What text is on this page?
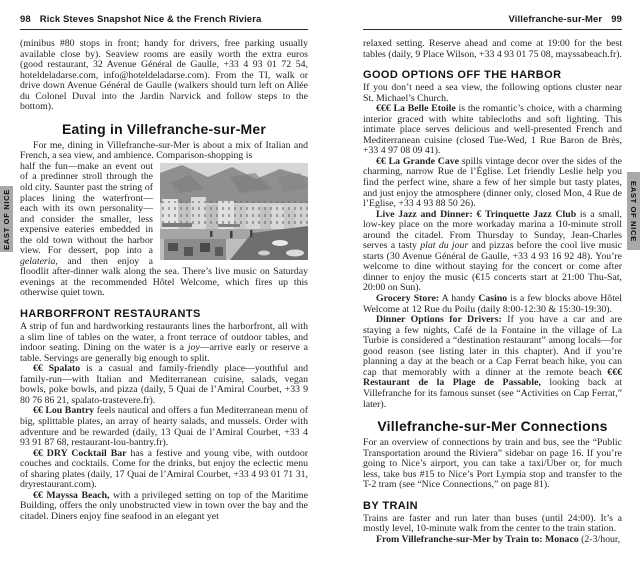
98 Rick Steves Snapshot Nice & the French Riviera

(minibus #80 stops in front; handy for drivers, free parking usually available close by). Seaview rooms are easily worth the extra euros (good restaurant, 32 Avenue Général de Gaulle, +33 4 93 01 72 54, hoteldeladarse.com, info@hoteldeladarse.com). From the TI, walk or drive down Avenue Général de Gaulle (walkers should turn left on Allée du Colonel Duval into the Jardin Narvick and follow steps to the bottom).

Eating in Villefranche-sur-Mer

For me, dining in Villefranche-sur-Mer is about a mix of Italian and French, a sea view, and ambience. Comparison-shopping is

half the fun—make an event out of a predinner stroll through the old city. Saunter past the string of places lining the waterfront—each with its own personality—and consider the smaller, less expensive eateries embedded in the old town without the harbor view. For dessert, pop into a gelateria, and then enjoy a floodlit after-dinner walk along the sea. There’s live music on Saturday evenings at the recommended Hôtel Welcome, which fires up this otherwise quiet town.

HARBORFRONT RESTAURANTS

A strip of fun and hardworking restaurants lines the harborfront, all with a slim line of tables on the water, a front terrace of outdoor tables, and indoor seating. Dining on the water is a joy—arrive early or reserve a table. Servings are generally big enough to split.

€€ Spalato is a casual and family-friendly place—youthful and family-run—with Italian and Mediterranean cuisine, salads, vegan bowls, poke bowls, and pizza (daily, 5 Quai de l’Amiral Courbet, +33 9 80 76 86 21, spalato-trastevere.fr).

€€ Lou Bantry feels nautical and offers a fun Mediterranean menu of big, splittable plates, an array of hearty salads, and mussels. Order with adventure and be rewarded (daily, 13 Quai de l’Amiral Courbet, +33 4 93 91 87 68, restaurant-lou-bantry.fr).

€€ DRY Cocktail Bar has a festive and young vibe, with outdoor couches and cocktails. Come for the drinks, but enjoy the eclectic menu of sharing plates (daily, 17 Quai de l’Amiral Courbet, +33 4 93 01 71 31, dryrestaurant.com).

€€ Mayssa Beach, with a privileged setting on top of the Maritime Building, offers the only unobstructed view in town over the bay and the citadel. Diners enjoy fine seafood in an elegant yet

Villefranche-sur-Mer 99

relaxed setting. Reserve ahead and come at 19:00 for the best tables (daily, 9 Place Wilson, +33 4 93 01 75 08, mayssabeach.fr).

GOOD OPTIONS OFF THE HARBOR

If you don’t need a sea view, the following options cluster near St. Michael’s Church.

€€€ La Belle Etoile is the romantic’s choice, with a charming interior graced with white tablecloths and soft lighting. This intimate place serves delicious and well-presented French and Mediterranean cuisine (closed Tue-Wed, 1 Rue Baron de Brès, +33 4 97 08 09 41).

€€ La Grande Cave spills vintage decor over the sides of the charming, narrow Rue de l’Église. Let friendly Leslie help you find the perfect wine, share a few of her simple but tasty plates, and just enjoy the atmosphere (dinner only, closed Mon, 4 Rue de l’Eglise, +33 4 93 88 50 26).

Live Jazz and Dinner: € Trinquette Jazz Club is a small, low-key place on the more workaday marina a 10-minute stroll around the citadel. From Thursday to Sunday, Jean-Charles serves a tasty plat du jour and pizzas before the cool live music starts (30 Avenue Général de Gaulle, +33 4 93 16 92 48). You’re welcome to dine without staying for the concert or come after dinner to enjoy the music (€15 concerts start at 21:00 Thu-Sat, 20:00 on Sun).

Grocery Store: A handy Casino is a few blocks above Hôtel Welcome at 12 Rue du Poilu (daily 8:00-12:30 & 15:30-19:30).

Dinner Options for Drivers: If you have a car and are staying a few nights, Café de la Fontaine in the village of La Turbie is considered a “destination restaurant” among locals—for good reason (see listing later in this chapter). And if you’re planning a day at the beach or a Cap Ferrat beach hike, you can cap that memorably with a dinner at the remote beach €€€ Restaurant de la Plage de Passable, looking back at Villefranche for its famous sunset (see “Activities on Cap Ferrat,” later).

Villefranche-sur-Mer Connections

For an overview of connections by train and bus, see the “Public Transportation around the Riviera” sidebar on page 16. If you’re going to Nice’s airport, you can take a taxi/Uber or, for much less, take bus #15 to Nice’s Port Lympia stop and transfer to the T-2 tram (see “Nice Connections,” on page 81).

BY TRAIN

Trains are faster and run later than buses (until 24:00). It’s a mostly level, 10-minute walk from the center to the train station.

From Villefranche-sur-Mer by Train to: Monaco (2-3/hour,

EAST OF NICE	EAST OF NICE
